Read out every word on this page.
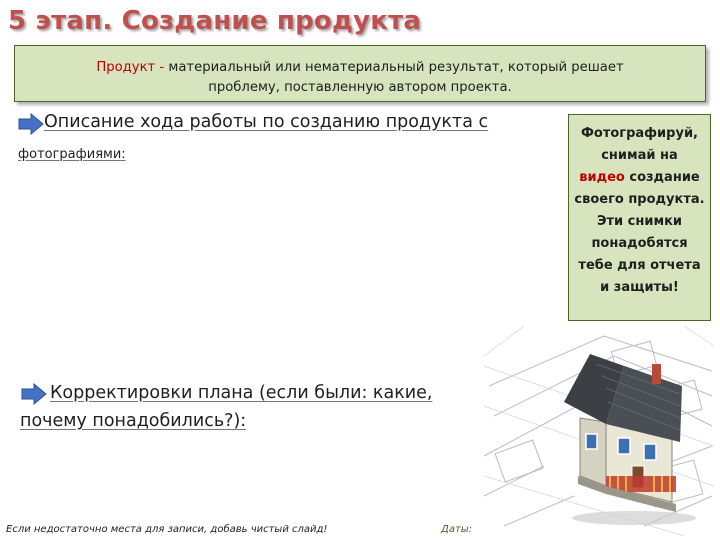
5 этап. Создание продукта
Продукт - материальный или нематериальный результат, который решает
проблему, поставленную автором проекта.
Описание хода работы по созданию продукта с
фотографиями:
Фотографируй,
снимай на
видео создание
своего продукта.
Эти снимки
понадобятся
тебе для отчета
и защиты!
Корректировки плана (если были: какие,
почему понадобились?):
Если недостаточно места для записи, добавь чистый слайд!	Даты:
